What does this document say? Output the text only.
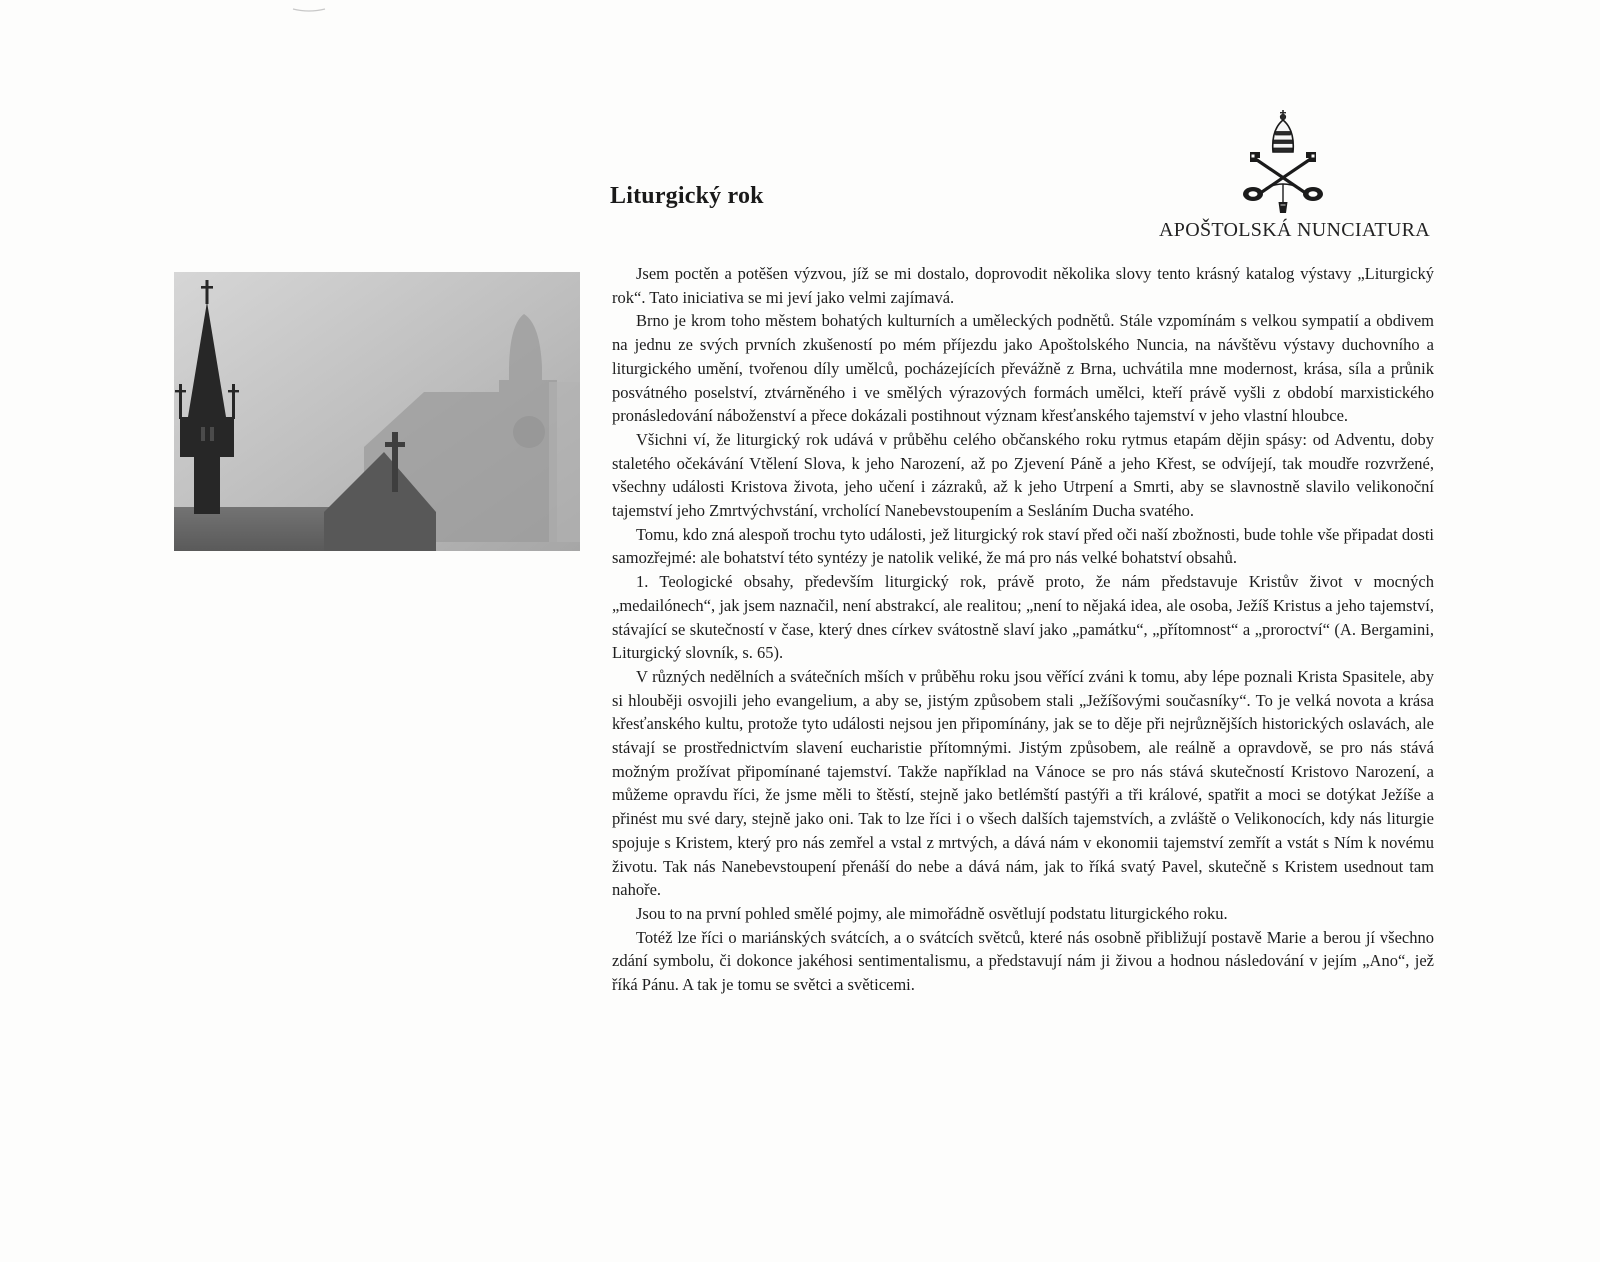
Liturgický rok
APOŠTOLSKÁ NUNCIATURA

Jsem poctěn a potěšen výzvou, jíž se mi dostalo, doprovodit několika slovy tento krásný katalog výstavy „Liturgický rok“. Tato iniciativa se mi jeví jako velmi zajímavá.

Brno je krom toho městem bohatých kulturních a uměleckých podnětů. Stále vzpomínám s velkou sympatií a obdivem na jednu ze svých prvních zkušeností po mém příjezdu jako Apoštolského Nuncia, na návštěvu výstavy duchovního a liturgického umění, tvořenou díly umělců, pocházejících převážně z Brna, uchvátila mne modernost, krása, síla a průnik posvátného poselství, ztvárněného i ve smělých výrazových formách umělci, kteří právě vyšli z období marxistického pronásledování náboženství a přece dokázali postihnout význam křesťanského tajemství v jeho vlastní hloubce.

Všichni ví, že liturgický rok udává v průběhu celého občanského roku rytmus etapám dějin spásy: od Adventu, doby staletého očekávání Vtělení Slova, k jeho Narození, až po Zjevení Páně a jeho Křest, se odvíjejí, tak moudře rozvržené, všechny události Kristova života, jeho učení i zázraků, až k jeho Utrpení a Smrti, aby se slavnostně slavilo velikonoční tajemství jeho Zmrtvýchvstání, vrcholící Nanebevstoupením a Sesláním Ducha svatého.

Tomu, kdo zná alespoň trochu tyto události, jež liturgický rok staví před oči naší zbožnosti, bude tohle vše připadat dosti samozřejmé: ale bohatství této syntézy je natolik veliké, že má pro nás velké bohatství obsahů.

1. Teologické obsahy, především liturgický rok, právě proto, že nám představuje Kristův život v mocných „medailónech“, jak jsem naznačil, není abstrakcí, ale realitou; „není to nějaká idea, ale osoba, Ježíš Kristus a jeho tajemství, stávající se skutečností v čase, který dnes církev svátostně slaví jako „památku“, „přítomnost“ a „proroctví“ (A. Bergamini, Liturgický slovník, s. 65).

V různých nedělních a svátečních mších v průběhu roku jsou věřící zváni k tomu, aby lépe poznali Krista Spasitele, aby si hlouběji osvojili jeho evangelium, a aby se, jistým způsobem stali „Ježíšovými současníky“. To je velká novota a krása křesťanského kultu, protože tyto události nejsou jen připomínány, jak se to děje při nejrůznějších historických oslavách, ale stávají se prostřednictvím slavení eucharistie přítomnými. Jistým způsobem, ale reálně a opravdově, se pro nás stává možným prožívat připomínané tajemství. Takže například na Vánoce se pro nás stává skutečností Kristovo Narození, a můžeme opravdu říci, že jsme měli to štěstí, stejně jako betlémští pastýři a tři králové, spatřit a moci se dotýkat Ježíše a přinést mu své dary, stejně jako oni. Tak to lze říci i o všech dalších tajemstvích, a zvláště o Velikonocích, kdy nás liturgie spojuje s Kristem, který pro nás zemřel a vstal z mrtvých, a dává nám v ekonomii tajemství zemřít a vstát s Ním k novému životu. Tak nás Nanebevstoupení přenáší do nebe a dává nám, jak to říká svatý Pavel, skutečně s Kristem usednout tam nahoře.

Jsou to na první pohled smělé pojmy, ale mimořádně osvětlují podstatu liturgického roku.

Totéž lze říci o mariánských svátcích, a o svátcích světců, které nás osobně přibližují postavě Marie a berou jí všechno zdání symbolu, či dokonce jakéhosi sentimentalismu, a představují nám ji živou a hodnou následování v jejím „Ano“, jež říká Pánu. A tak je tomu se světci a světicemi.
